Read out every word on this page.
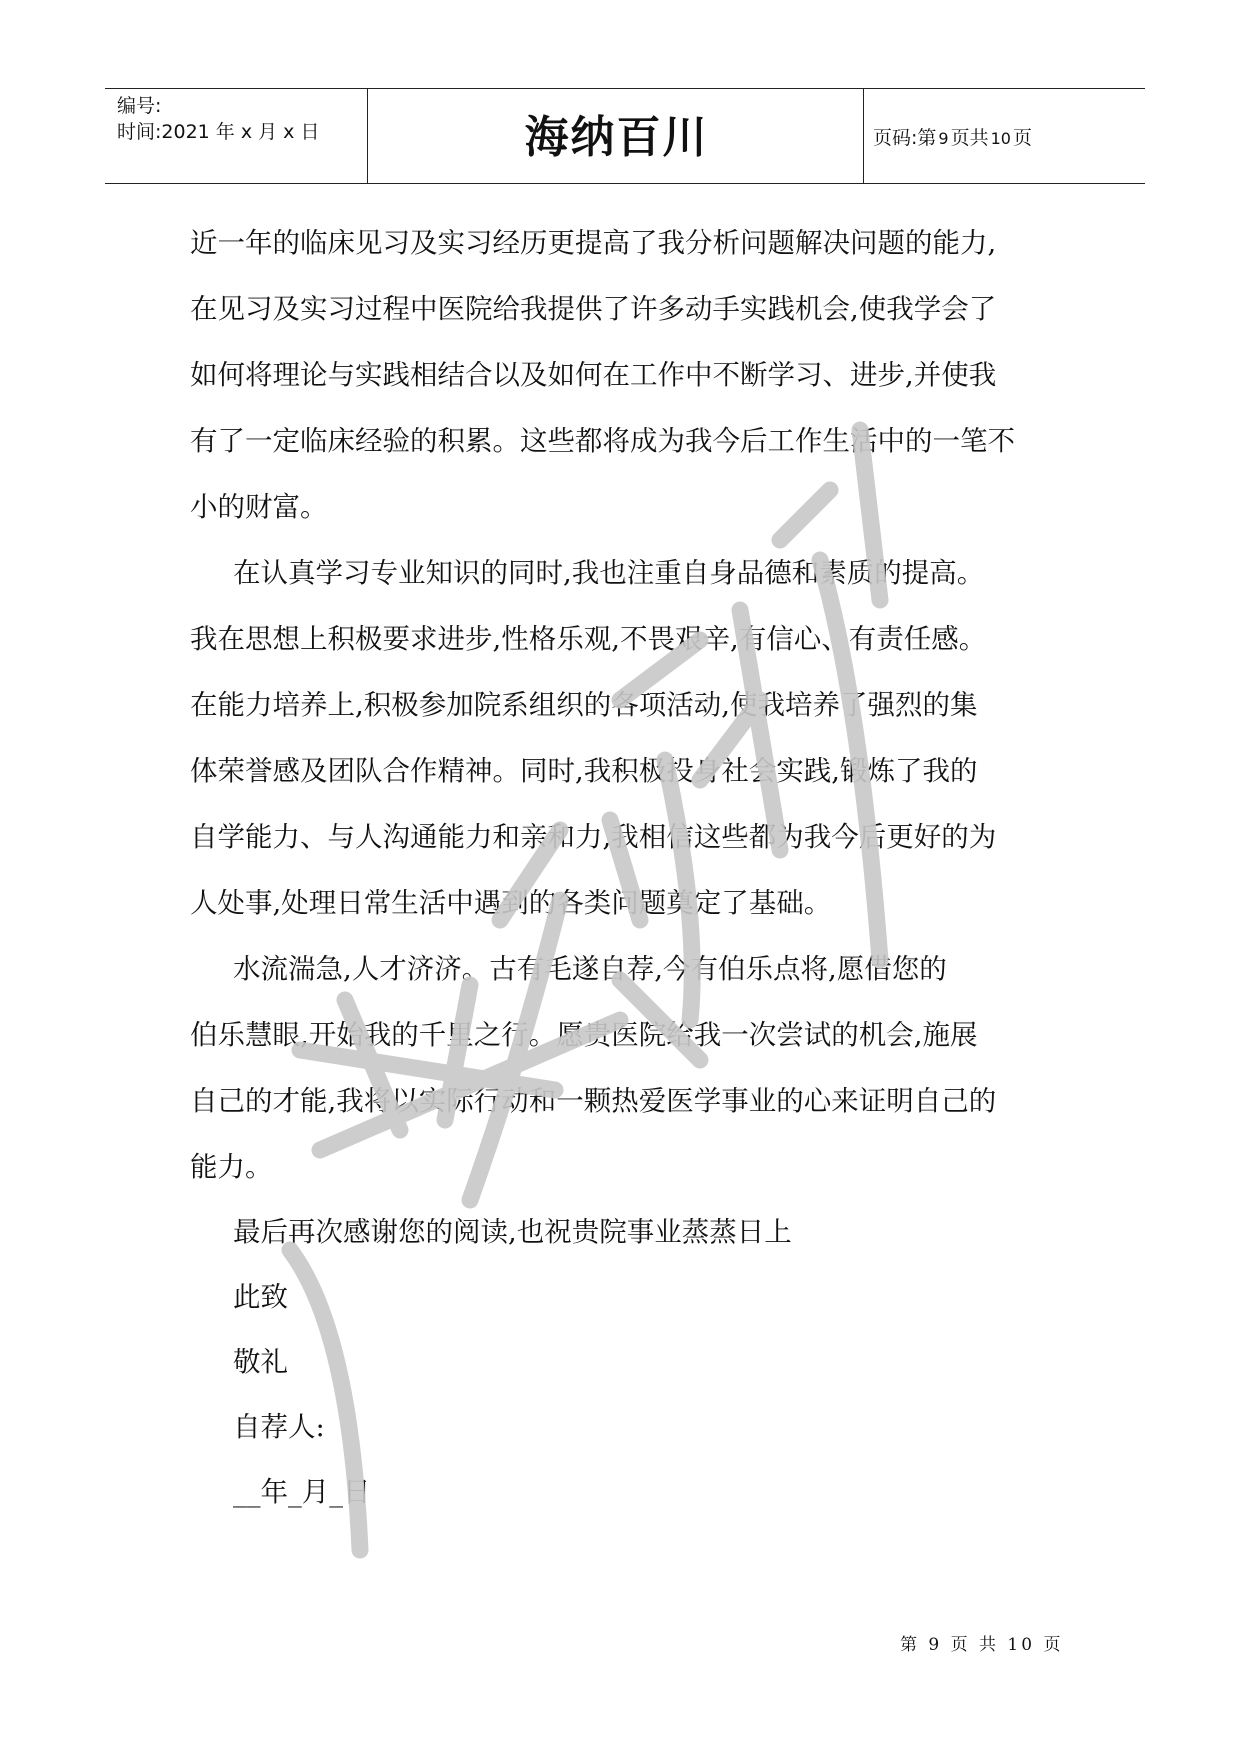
编号:
时间:2021 年 x 月 x 日	海纳百川	页码:第 9 页共 10 页
近一年的临床见习及实习经历更提高了我分析问题解决问题的能力,
在见习及实习过程中医院给我提供了许多动手实践机会,使我学会了
如何将理论与实践相结合以及如何在工作中不断学习、进步,并使我
有了一定临床经验的积累。这些都将成为我今后工作生活中的一笔不
小的财富。
在认真学习专业知识的同时,我也注重自身品德和素质的提高。
我在思想上积极要求进步,性格乐观,不畏艰辛,有信心、有责任感。
在能力培养上,积极参加院系组织的各项活动,使我培养了强烈的集
体荣誉感及团队合作精神。同时,我积极投身社会实践,锻炼了我的
自学能力、与人沟通能力和亲和力,我相信这些都为我今后更好的为
人处事,处理日常生活中遇到的各类问题奠定了基础。
水流湍急,人才济济。古有毛遂自荐,今有伯乐点将,愿借您的
伯乐慧眼,开始我的千里之行。愿贵医院给我一次尝试的机会,施展
自己的才能,我将以实际行动和一颗热爱医学事业的心来证明自己的
能力。
最后再次感谢您的阅读,也祝贵院事业蒸蒸日上
此致
敬礼
自荐人:
__年_月_日
第 9 页 共 10 页
